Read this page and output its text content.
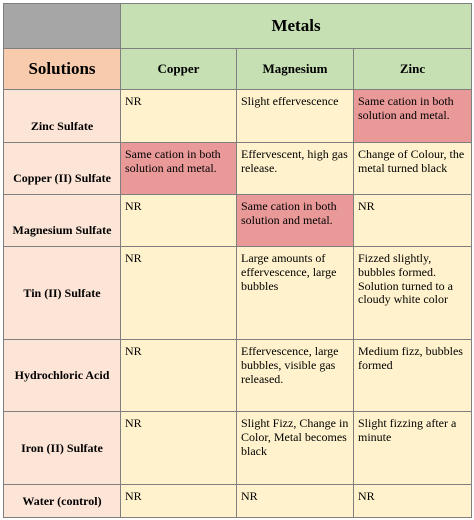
	Metals		
Solutions	Copper	Magnesium	Zinc
Zinc Sulfate	NR	Slight effervescence	Same cation in both solution and metal.
Copper (II) Sulfate	Same cation in both solution and metal.	Effervescent, high gas release.	Change of Colour, the metal turned black
Magnesium Sulfate	NR	Same cation in both solution and metal.	NR
Tin (II) Sulfate	NR	Large amounts of effervescence, large bubbles	Fizzed slightly, bubbles formed. Solution turned to a cloudy white color
Hydrochloric Acid	NR	Effervescence, large bubbles, visible gas released.	Medium fizz, bubbles formed
Iron (II) Sulfate	NR	Slight Fizz, Change in Color, Metal becomes black	Slight fizzing after a minute
Water (control)	NR	NR	NR
